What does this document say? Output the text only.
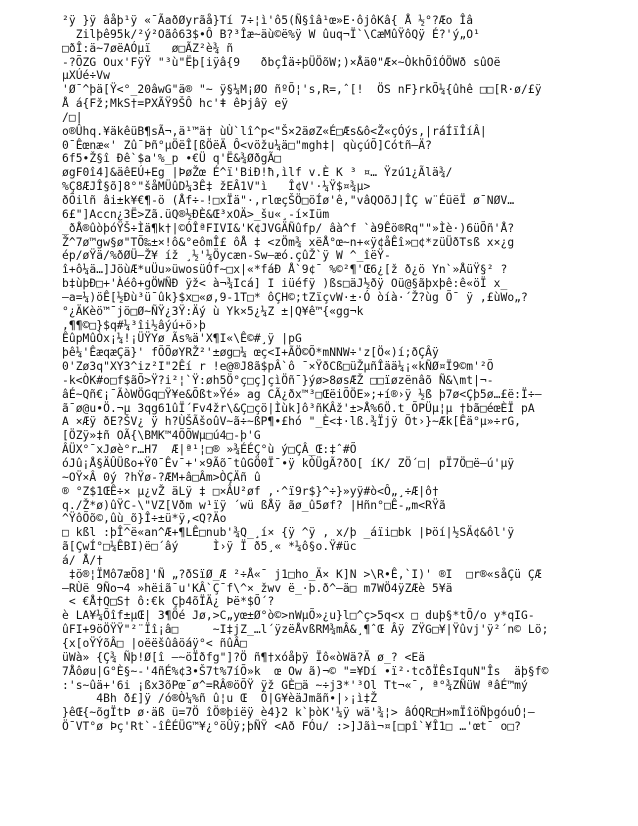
²ÿ }ÿ âåþ¹ÿ «¯ÃaðØyrãå}Tí 7÷¦ì'ô5(Ñ§îâ¹œ»E·ôjôKâ{ Å ½°?Æo Îâ
Zilþê95k/²ý²Oãô63$•Ô B?³Îæ~äù©ë%ÿ W ûuq¬Ï`\CæMûŸôQÿ É?'ý„O¹
□ðÎ:ä~7øëAÓµï   ø□ÃZ²è¾ ñ
-?ÕZG Oux'FÿŸ "³ù"Ëþ[iÿâ{9   ðbçÎä÷þÜÖõW;)×Åä0"Æ×~ÒkhÕîÓÖWð sûOë
µXÚé÷Vw
'Ø¯^þä[Ÿ<°_20âwG"ä® "~ ÿ§¼M¡ØO ñºÕ¦'s,R=,ˆ[!  ÖS nF}rkÕ¼{ûhê □□[R·ø/£ÿ
Å á{Fž;MkS†=PXÃŸ9ŠÔ hc'ǂ êÞjâÿ eÿ
/□|
o®Ûhq.¥äkêüB¶sÃ¬,ä¹™ä† ùÙ`lî^p<"Š×2äøZ«É□Æs&ô<Ž«çÓýs,|ráÍïÎíÂ|
0¯Êœnæ«' Zû¯Þñ°µÖëÎ[ßÖëÄ Ô<vöžu¼ä□"mgh‡| qùçúÕ]Cótñ—Ä?
6f5•Ž§î Ðê`$a'%_p •€Ü q'Ë&¾ØðgÃ□
øgF0î4]&äêEÚ+Eg |ÞøŽœ É^ï'BiÐ!ħ,ìlf v.È K ³ ¤… Ÿzú1¿Ãlä¾/
%Ç8ÆJÎ§õ]8°"šåMÜûD¼3Ê‡ žEÂ1V"ì   Î¢V'·¼Ÿ$¤¾µ>
ðÕilñ âi±k¥€¶-ö (Åf÷-!□xÏä"·,rlœçŠÖ□öÍø'ê,"vâQOõJ|ÎÇ w¨ÉüëÏ ø¯NØV…
6£"]Accn¿3Ë>Zã.üQ®½ÐÈ&Œ³xOÄ>_šu«¸-í×Iüm
_ðÅ®ûòþóŸŠ÷Ìä¶k†|©ÓÎªFIVI&'K¢JVGÄÑûfp/ âà^f `à9Êö®Rq""»Ìè·)6üÕñ'Å?
Ž^7ø™gw§ø"TÕ‰±×!ô&°eômÎ£ ôÅ ‡ <zÖm¾ xëÅ°œ~n+«ÿ¢åÊî»□¢*züÜðTsß x×¿g
ép/øŸä/%ðØÜ—Ž¥ íž ¸½'¼Öycæn-Sw—æó.çûŽ`ÿ W ^_îëŸ-
î+ô¼ä…]JöùÆ*uÜu»üwosüÓf~□x|«*fáÐ Å`9¢¯ %©²¶'Œ6¿[ž ð¿ö Yn`»ÅüŸ§² ?
b‡ùþÐ□+'Àéô+gÖWÑÐ ÿž< à¬¾Icá] I iüéfÿ )ßs□äJ½ðÿ Oü@§ãþxþê:ê«öÏ x_
—a=¼)öÊ[½Ðù³ü¯ûk}$x□«ø,9-1T□* ôÇH©;tZïçvW·±·Ó òíà·´Ž?ùg Õ¯ ÿ ,£ùWo„?
°¿ÄKèö™¯jö□Ø~ÑŸ¿3Ÿ:Äý ù Yk×5¿¼Z ±|Q¥ê™{«gg¬k
,¶¶©□}$q#¼³îi½âýú+ö›þ
ÊûpMûÒx¡¼!¡ÜŸYø Ãs%ä'X¶I«\Ê©#¸ÿ |pG
þê¼'ÊæqæÇä}' fÕÕøYRŽ²'±øg□¼ œç<I+ÃÖ©Õ*mNNW÷'z[Ö«)í;ðÇÂÿ
0'Zø3q"XY3^iz²I"2Êí r !e@®J8ã$pÂ`ô ¯×ŸðCß□üŽµñÎää¼¡«kÑØ¤Ï9©m'²Õ
-k<ÒK#o□f$ãÕ>Ÿ?i²¦`Ÿ:øh5Ö°ç□ç]çìÖñ¯}ýø>8øsÆŽ □□ïøzënâõ Ñ&\mt|¬-
âÉ~Qñ€¡¯ÃòWÖGq□Ÿ¥e&Õßt»Ÿé» ag CÃ¿ðx™³□ŒëiÕÖE»;+í®›ÿ ½ß þ7ø<Çþ5ø…£ë:Ï÷—
ã¯ø@u•Ö.¬µ 3qg61ûÏ´Fv4žr\&Ç□çö|Ìùk]ô³ñKÂž'±>Å%6Ö.t ÕPÜµ¦µ †bã□éœÈÏ pA
A ×Æÿ ðE?ŠV¿ ÿ h?ÙŠÃšoûV~ã÷~ßP¶•£hó "_È<‡·lß.¾Ïjÿ Õt›}~Æk[Êä°µ»÷rG,
[ÖZÿ»‡ñ OÃ{\BMK™4ÕÕWµ□ú4□-þ'G
ÂÜX°¯xJøè°r…H7  Æ|ª¹¦□® »¾ÉÉÇ°ù ý□ÇÂ_Œ:‡ˆ#Õ
óJû¡Å§ÄÛÜßo+Ÿ0¯Êv¯+'×9Ãõ¯tûGÖ0Ï¯•ÿ kÒÜgÃ?ðO[ íK/ ZÖ´□| pÏ7Ö□ë—ú'µÿ
~OŸ×Â 0ý ?hŸø-?ÆM+â□Âm>ÒÇÄñ û
® °Z$1ŒÊ÷× µ¿vŽ äLÿ ‡ □×ÂU²øf ,·^ï9r$}^÷}»yÿ#ò<Ô„¸÷Æ|ô†
q./Ž*ø)ûŸC-\"VZ[Vðm w¹ïÿ ´wü ßÅÿ ãø_û5øf? |Hñn°□Ê-„m<RŸã
^ŸôÕõ©,ûù_õ}Î÷±ü*ÿ,<Q?Äo
□ kßl :þÎ^ë«an^Æ+¶LÊ□nub'¾Q_¸í× {ÿ ^ÿ , x/þ _áïi□bk |Þöí|½SÄ¢&ôl'ÿ
ã[ÇwÍ°□¼ÊBI)ë□´âý     Ì›ÿ Ï ð5¸« *¼ô§o.Ÿ#üc
á/ Å/†
‡ö®¦ÏMô7æÕ8]'Ñ „?ðSïØ_Æ ²÷Å«¯ j1□ho_Ä× K]N >\R•Ê,`I)' ®I  □r®«såÇü ÇÆ
—RÙë 9Ño¬4 »hëiã¯u'KÂ`Ç¯f\^× žwv ë_·þ.ð^—ä□ m7WÖ4ÿZÆè 5¥ä
< €Å†Q□S† ô:€k Çþ4õÏÄ¿ Þë*$Õ´?
è LA¥¼Õîf±µŒ| 3¶Öé Jø,>C„yœ±Ø°ò©>nWµÕ»¿u}l□^ç>5q<x □ duþ§*tÕ/o y*qIG-
ûFI+9öÖŸŸ"²¨Ïî¡â□     ~I‡jZ_…l´ÿzëÅvßRM¾mÂ&¸¶ˆŒ Âÿ ZŸG□¥|Ÿûvj'ÿ²´n© Lö;
{x[oŸÝõÂ□ |oëëšûâöáÿ°< ñûÂ□
üWà» {Ç¾ Ñþ!Ø[î —~öÏðfg"]?Ö ñ¶†xóåþÿ Ïô«òWä?Ä ø_? <Eä
7Åôøu|G°È§~-'4ñÉ%¢3•Š7t%7íÕ»k  œ Ow ã)¬© "=¥Dí •ï²·tcðÏÊsIquN"Îs  äþ§f©
:'s~ûä+'6i ¡ßx3õPœ¯ø^=RÂ®öÕŸ ÿž GÈ□ä ~÷j3*'³Ol Tt¬«¯, ª°¾ZÑüW ªâÉ™mý
4Bh ð£]ÿ /ó®Ò¼%ñ û¦u Œ  Õ|G¥èäJmãñ•|›¡ì‡Ž
}êŒ{~õgÏtÞ ø·äß ü=7Ö îÖ®þiëÿ è4}2 k`þòK'¼ÿ wä'¾¦> âÓQR□H»mÏîöÑþgóuÓ¦—
Ö¯VT°ø Þç'Rt`-îÊÉÜG™¥¿°öÛÿ;þÑŸ <Að FÓu/ :>]Jãì¬¤[□pî`¥Î1□ …'œt¯ o□?
